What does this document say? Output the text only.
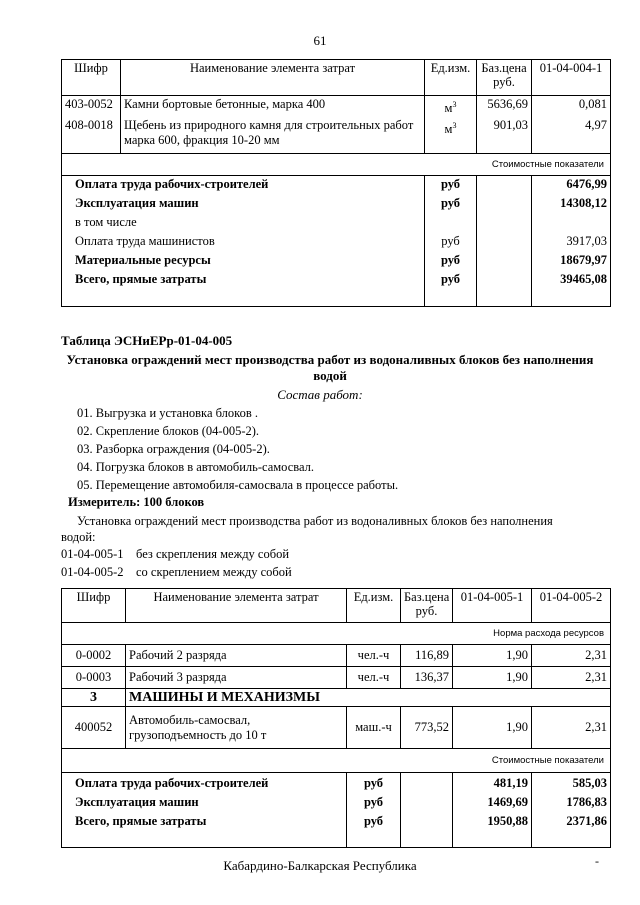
61
Шифр	Наименование элемента затрат	Ед.изм.	Баз.цена руб.	01-04-004-1
403-0052	Камни бортовые бетонные, марка 400	$м^3$	5636,69	0,081
408-0018	Щебень из природного камня для строительных работ марка 600, фракция 10-20 мм	$м^3$	901,03	4,97
Стоимостные показатели				
Оплата труда рабочих-строителей		руб		6476,99
Эксплуатация машин		руб		14308,12
в том числе				
Оплата труда машинистов		руб		3917,03
Материальные ресурсы		руб		18679,97
Всего, прямые затраты		руб		39465,08
Таблица ЭСНиЕРр-01-04-005
Установка ограждений мест производства работ из водоналивных блоков без наполнения
водой
Состав работ:
01. Выгрузка и установка блоков .
02. Скрепление блоков (04-005-2).
03. Разборка ограждения (04-005-2).
04. Погрузка блоков в автомобиль-самосвал.
05. Перемещение автомобиля-самосвала в процессе работы.
Измеритель: 100 блоков
Установка ограждений мест производства работ из водоналивных блоков без наполнения
водой:
01-04-005-1 без скрепления между собой
01-04-005-2 со скреплением между собой
Шифр	Наименование элемента затрат	Ед.изм.	Баз.цена руб.	01-04-005-1	01-04-005-2
Норма расхода ресурсов					
0-0002	Рабочий 2 разряда	чел.-ч	116,89	1,90	2,31
0-0003	Рабочий 3 разряда	чел.-ч	136,37	1,90	2,31
3	МАШИНЫ И МЕХАНИЗМЫ				
400052	Автомобиль-самосвал, грузоподъемность до 10 т	маш.-ч	773,52	1,90	2,31
Стоимостные показатели					
Оплата труда рабочих-строителей		руб		481,19	585,03
Эксплуатация машин		руб		1469,69	1786,83
Всего, прямые затраты		руб		1950,88	2371,86
Кабардино-Балкарская Республика	-
